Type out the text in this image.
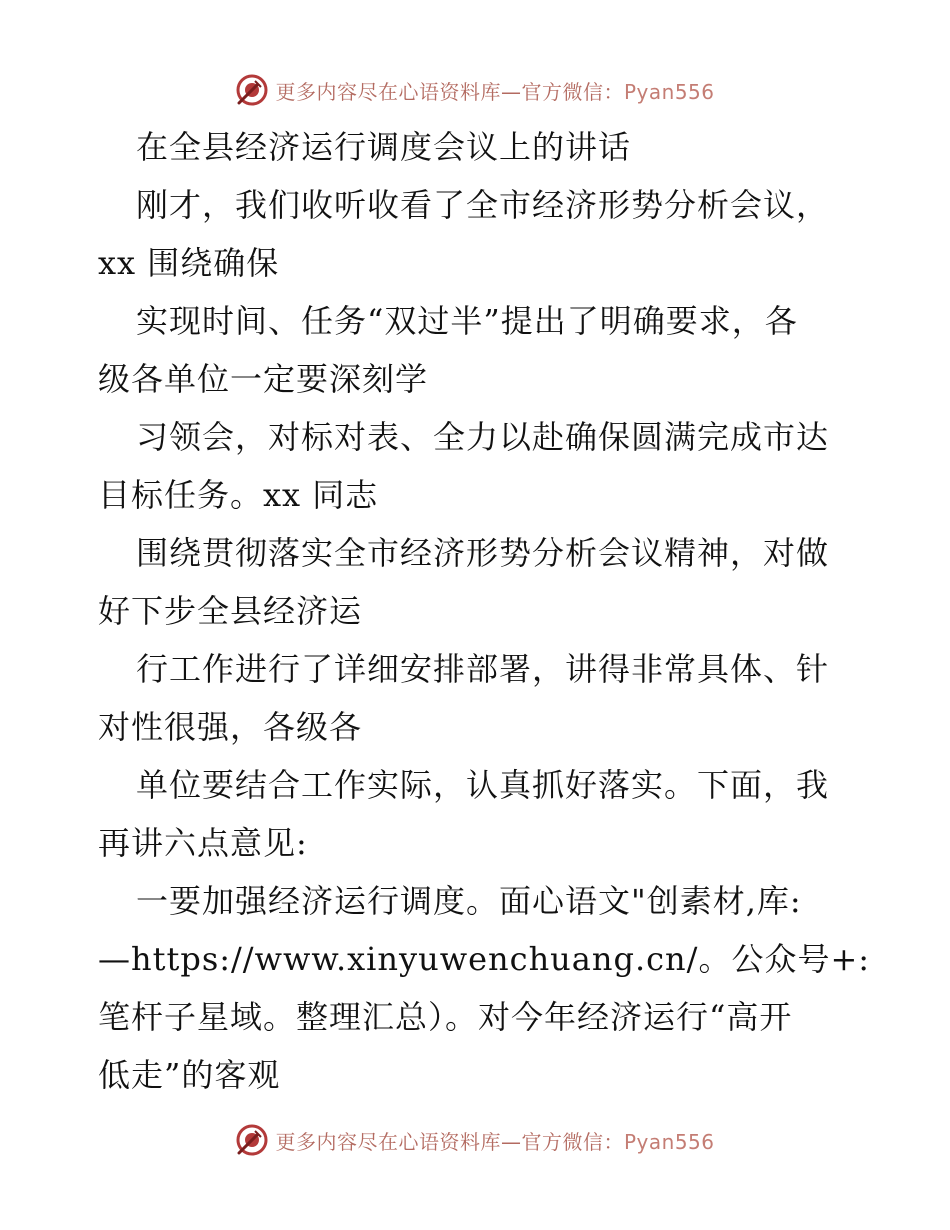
更多内容尽在心语资料库—官方微信：Pyan556
在全县经济运行调度会议上的讲话
刚才，我们收听收看了全市经济形势分析会议，
xx 围绕确保
实现时间、任务“双过半”提出了明确要求，各
级各单位一定要深刻学
习领会，对标对表、全力以赴确保圆满完成市达
目标任务。xx 同志
围绕贯彻落实全市经济形势分析会议精神，对做
好下步全县经济运
行工作进行了详细安排部署，讲得非常具体、针
对性很强，各级各
单位要结合工作实际，认真抓好落实。下面，我
再讲六点意见:
一要加强经济运行调度。面心语文"创素材,库:
—https://www.xinyuwenchuang.cn/。公众号+:
笔杆子星域。整理汇总）。对今年经济运行“高开
低走”的客观
更多内容尽在心语资料库—官方微信：Pyan556
